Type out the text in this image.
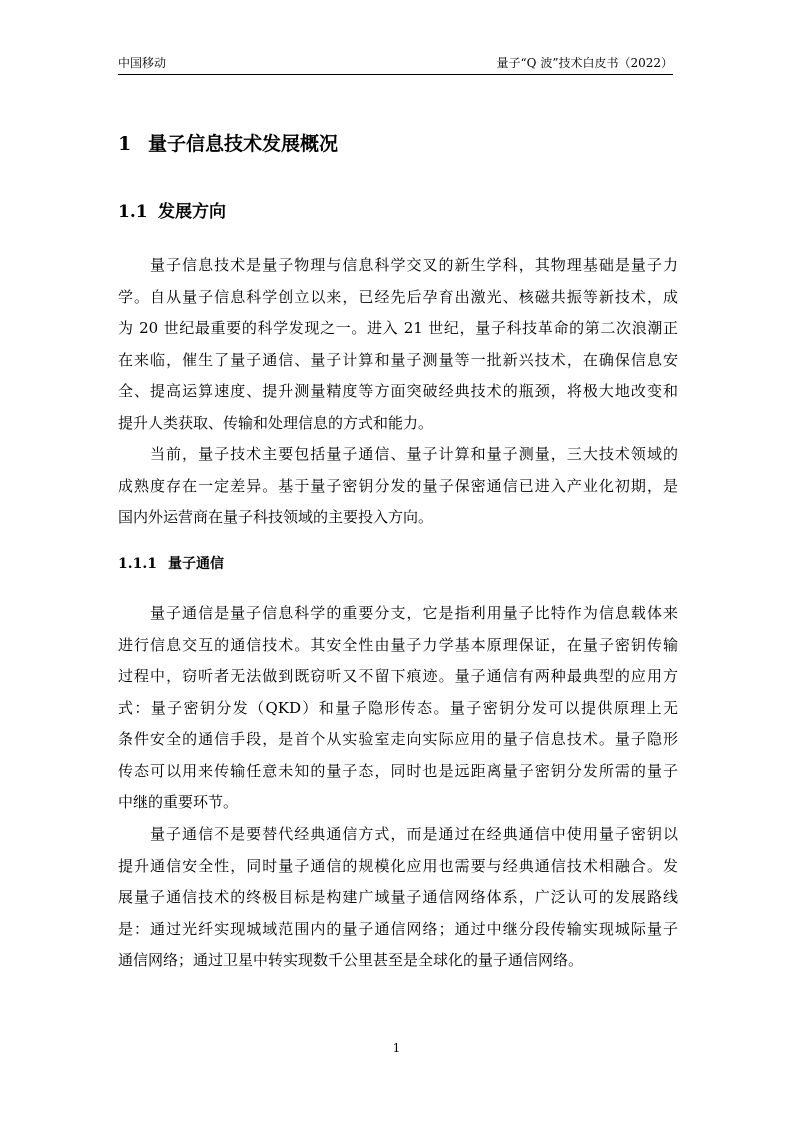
中国移动	量子“Q 波”技术白皮书（2022）
1 量子信息技术发展概况
1.1 发展方向
量子信息技术是量子物理与信息科学交叉的新生学科，其物理基础是量子力
学。自从量子信息科学创立以来，已经先后孕育出激光、核磁共振等新技术，成
为 20 世纪最重要的科学发现之一。进入 21 世纪，量子科技革命的第二次浪潮正
在来临，催生了量子通信、量子计算和量子测量等一批新兴技术，在确保信息安
全、提高运算速度、提升测量精度等方面突破经典技术的瓶颈，将极大地改变和
提升人类获取、传输和处理信息的方式和能力。
当前，量子技术主要包括量子通信、量子计算和量子测量，三大技术领域的
成熟度存在一定差异。基于量子密钥分发的量子保密通信已进入产业化初期，是
国内外运营商在量子科技领域的主要投入方向。
1.1.1 量子通信
量子通信是量子信息科学的重要分支，它是指利用量子比特作为信息载体来
进行信息交互的通信技术。其安全性由量子力学基本原理保证，在量子密钥传输
过程中，窃听者无法做到既窃听又不留下痕迹。量子通信有两种最典型的应用方
式：量子密钥分发（QKD）和量子隐形传态。量子密钥分发可以提供原理上无
条件安全的通信手段，是首个从实验室走向实际应用的量子信息技术。量子隐形
传态可以用来传输任意未知的量子态，同时也是远距离量子密钥分发所需的量子
中继的重要环节。
量子通信不是要替代经典通信方式，而是通过在经典通信中使用量子密钥以
提升通信安全性，同时量子通信的规模化应用也需要与经典通信技术相融合。发
展量子通信技术的终极目标是构建广域量子通信网络体系，广泛认可的发展路线
是：通过光纤实现城域范围内的量子通信网络；通过中继分段传输实现城际量子
通信网络；通过卫星中转实现数千公里甚至是全球化的量子通信网络。
1
